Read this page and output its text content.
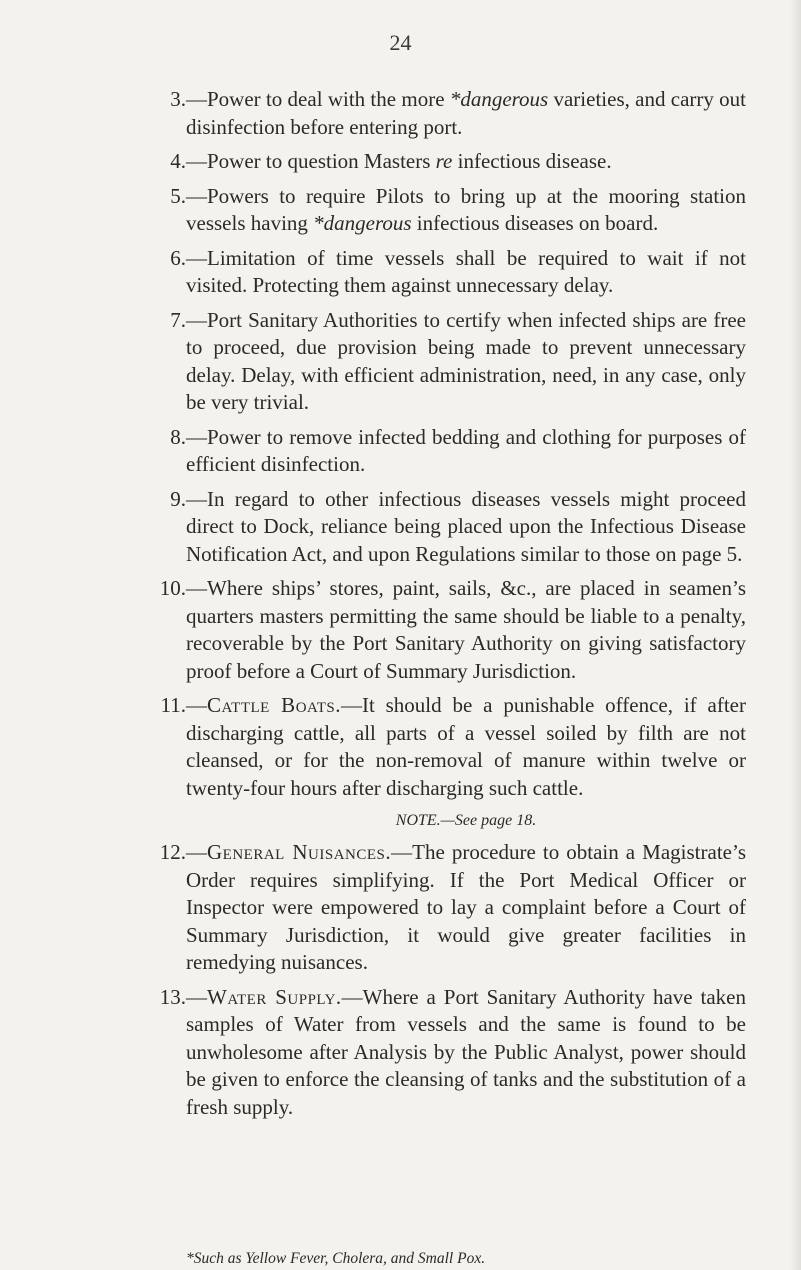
24
3. —Power to deal with the more *dangerous varieties, and carry out disinfection before entering port.
4. —Power to question Masters re infectious disease.
5. —Powers to require Pilots to bring up at the mooring station vessels having *dangerous infectious diseases on board.
6. —Limitation of time vessels shall be required to wait if not visited. Protecting them against unnecessary delay.
7. —Port Sanitary Authorities to certify when infected ships are free to proceed, due provision being made to prevent unnecessary delay. Delay, with efficient administration, need, in any case, only be very trivial.
8. —Power to remove infected bedding and clothing for purposes of efficient disinfection.
9. —In regard to other infectious diseases vessels might proceed direct to Dock, reliance being placed upon the Infectious Disease Notification Act, and upon Regulations similar to those on page 5.
10. —Where ships’ stores, paint, sails, &c., are placed in seamen’s quarters masters permitting the same should be liable to a penalty, recoverable by the Port Sanitary Authority on giving satisfactory proof before a Court of Summary Jurisdiction.
11. —Cattle Boats.—It should be a punishable offence, if after discharging cattle, all parts of a vessel soiled by filth are not cleansed, or for the non-removal of manure within twelve or twenty-four hours after discharging such cattle.
NOTE.—See page 18.
12. —General Nuisances.—The procedure to obtain a Magistrate’s Order requires simplifying. If the Port Medical Officer or Inspector were empowered to lay a complaint before a Court of Summary Jurisdiction, it would give greater facilities in remedying nuisances.
13. —Water Supply.—Where a Port Sanitary Authority have taken samples of Water from vessels and the same is found to be unwholesome after Analysis by the Public Analyst, power should be given to enforce the cleansing of tanks and the substitution of a fresh supply.
*Such as Yellow Fever, Cholera, and Small Pox.
